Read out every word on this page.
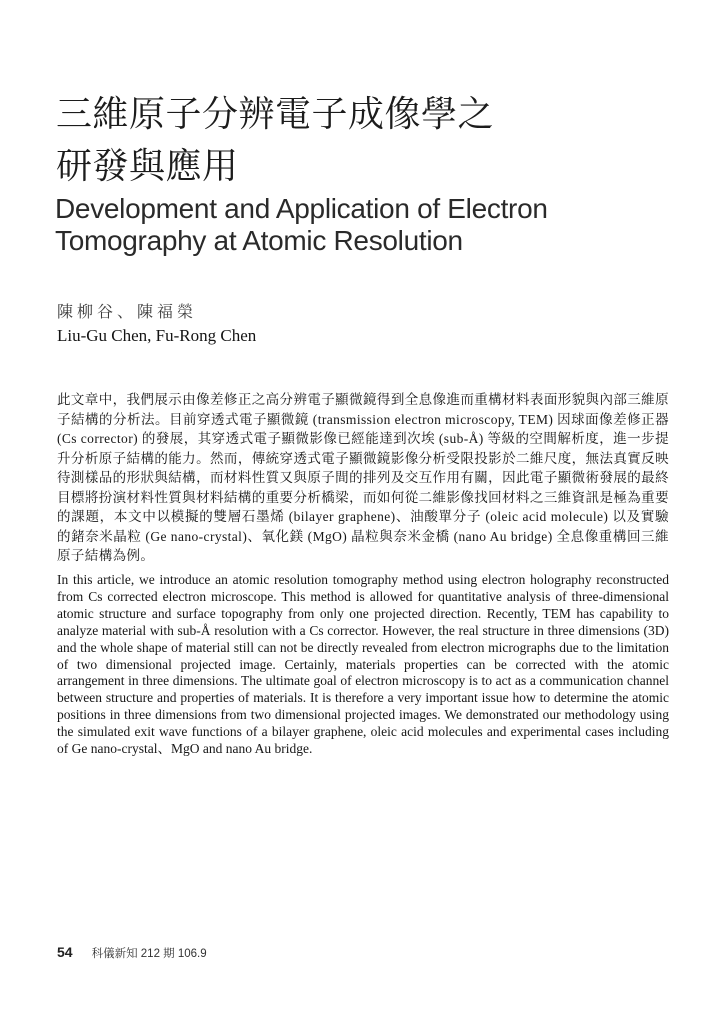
三維原子分辨電子成像學之
研發與應用
Development and Application of Electron
Tomography at Atomic Resolution
陳柳谷、陳福榮
Liu-Gu Chen, Fu-Rong Chen

此文章中，我們展示由像差修正之高分辨電子顯微鏡得到全息像進而重構材料表面形貌與內部三維原子結構的分析法。目前穿透式電子顯微鏡 (transmission electron microscopy, TEM) 因球面像差修正器 (Cs corrector) 的發展，其穿透式電子顯微影像已經能達到次埃 (sub-Å) 等級的空間解析度，進一步提升分析原子結構的能力。然而，傳統穿透式電子顯微鏡影像分析受限投影於二維尺度，無法真實反映待測樣品的形狀與結構，而材料性質又與原子間的排列及交互作用有關，因此電子顯微術發展的最終目標將扮演材料性質與材料結構的重要分析橋梁，而如何從二維影像找回材料之三維資訊是極為重要的課題，本文中以模擬的雙層石墨烯 (bilayer graphene)、油酸單分子 (oleic acid molecule) 以及實驗的鍺奈米晶粒 (Ge nano-crystal)、氧化鎂 (MgO) 晶粒與奈米金橋 (nano Au bridge) 全息像重構回三維原子結構為例。

In this article, we introduce an atomic resolution tomography method using electron holography reconstructed from Cs corrected electron microscope. This method is allowed for quantitative analysis of three-dimensional atomic structure and surface topography from only one projected direction. Recently, TEM has capability to analyze material with sub-Å resolution with a Cs corrector. However, the real structure in three dimensions (3D) and the whole shape of material still can not be directly revealed from electron micrographs due to the limitation of two dimensional projected image. Certainly, materials properties can be corrected with the atomic arrangement in three dimensions. The ultimate goal of electron microscopy is to act as a communication channel between structure and properties of materials. It is therefore a very important issue how to determine the atomic positions in three dimensions from two dimensional projected images. We demonstrated our methodology using the simulated exit wave functions of a bilayer graphene, oleic acid molecules and experimental cases including of Ge nano-crystal、MgO and nano Au bridge.

54 科儀新知 212 期 106.9
